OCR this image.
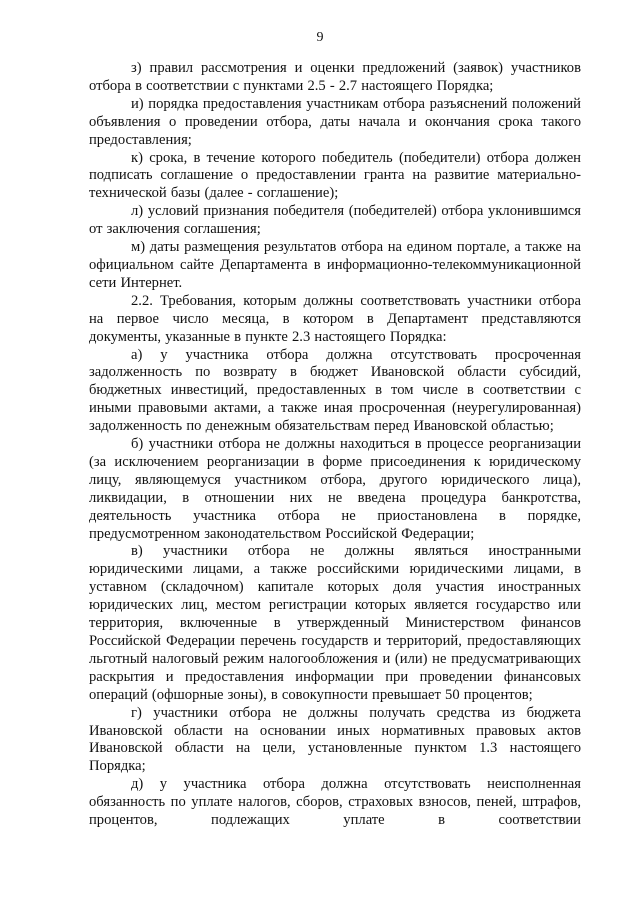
9

з) правил рассмотрения и оценки предложений (заявок) участников отбора в соответствии с пунктами 2.5 - 2.7 настоящего Порядка;

и) порядка предоставления участникам отбора разъяснений положений объявления о проведении отбора, даты начала и окончания срока такого предоставления;

к) срока, в течение которого победитель (победители) отбора должен подписать соглашение о предоставлении гранта на развитие материально-технической базы (далее - соглашение);

л) условий признания победителя (победителей) отбора уклонившимся от заключения соглашения;

м) даты размещения результатов отбора на едином портале, а также на официальном сайте Департамента в информационно-телекоммуникационной сети Интернет.

2.2. Требования, которым должны соответствовать участники отбора на первое число месяца, в котором в Департамент представляются документы, указанные в пункте 2.3 настоящего Порядка:

а) у участника отбора должна отсутствовать просроченная задолженность по возврату в бюджет Ивановской области субсидий, бюджетных инвестиций, предоставленных в том числе в соответствии с иными правовыми актами, а также иная просроченная (неурегулированная) задолженность по денежным обязательствам перед Ивановской областью;

б) участники отбора не должны находиться в процессе реорганизации (за исключением реорганизации в форме присоединения к юридическому лицу, являющемуся участником отбора, другого юридического лица), ликвидации, в отношении них не введена процедура банкротства, деятельность участника отбора не приостановлена в порядке, предусмотренном законодательством Российской Федерации;

в) участники отбора не должны являться иностранными юридическими лицами, а также российскими юридическими лицами, в уставном (складочном) капитале которых доля участия иностранных юридических лиц, местом регистрации которых является государство или территория, включенные в утвержденный Министерством финансов Российской Федерации перечень государств и территорий, предоставляющих льготный налоговый режим налогообложения и (или) не предусматривающих раскрытия и предоставления информации при проведении финансовых операций (офшорные зоны), в совокупности превышает 50 процентов;

г) участники отбора не должны получать средства из бюджета Ивановской области на основании иных нормативных правовых актов Ивановской области на цели, установленные пунктом 1.3 настоящего Порядка;

д) у участника отбора должна отсутствовать неисполненная обязанность по уплате налогов, сборов, страховых взносов, пеней, штрафов, процентов, подлежащих уплате в соответствии
